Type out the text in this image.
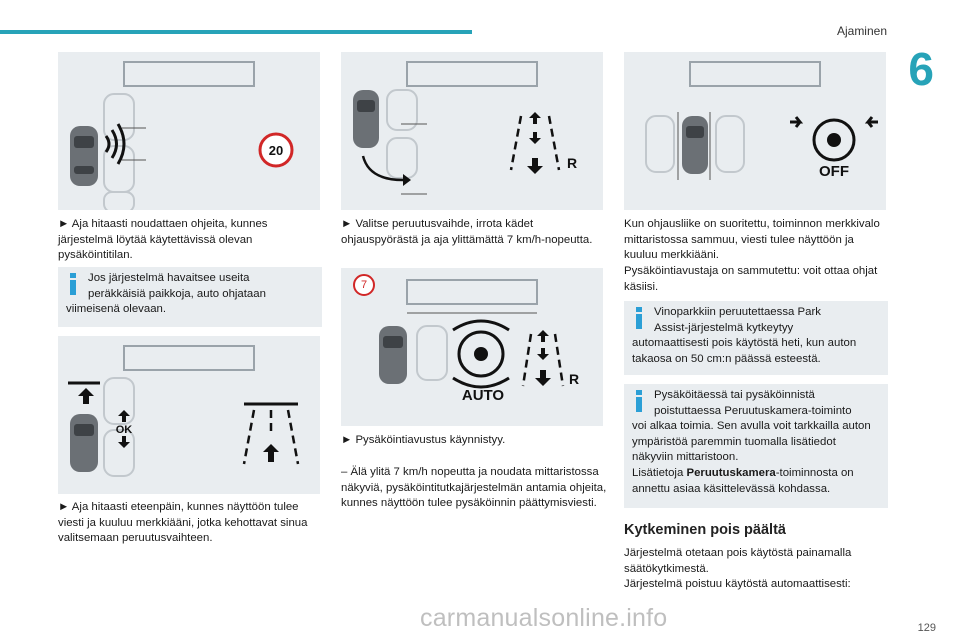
Ajaminen
6
20
► Aja hitaasti noudattaen ohjeita, kunnes järjestelmä löytää käytettävissä olevan pysäköintitilan.
Jos järjestelmä havaitsee useita
peräkkäisiä paikkoja, auto ohjataan
viimeisenä olevaan.
OK
► Aja hitaasti eteenpäin, kunnes näyttöön tulee viesti ja kuuluu merkkiääni, jotka kehottavat sinua valitsemaan peruutusvaihteen.
R
► Valitse peruutusvaihde, irrota kädet ohjauspyörästä ja aja ylittämättä 7 km/h-nopeutta.
AUTO
R
7
► Pysäköintiavustus käynnistyy.
– Älä ylitä 7 km/h nopeutta ja noudata mittaristossa näkyviä, pysäköintitutkajärjestelmän antamia ohjeita, kunnes näyttöön tulee pysäköinnin päättymisviesti.
OFF
Kun ohjausliike on suoritettu, toiminnon merkkivalo mittaristossa sammuu, viesti tulee näyttöön ja kuuluu merkkiääni.
Pysäköintiavustaja on sammutettu: voit ottaa ohjat käsiisi.
Vinoparkkiin peruutettaessa Park
Assist-järjestelmä kytkeytyy
automaattisesti pois käytöstä heti, kun auton takaosa on 50 cm:n päässä esteestä.
Pysäköitäessä tai pysäköinnistä
poistuttaessa Peruutuskamera-toiminto
voi alkaa toimia. Sen avulla voit tarkkailla auton ympäristöä paremmin tuomalla lisätiedot näkyviin mittaristoon.
Lisätietoja Peruutuskamera-toiminnosta on annettu asiaa käsittelevässä kohdassa.
Kytkeminen pois päältä
Järjestelmä otetaan pois käytöstä painamalla säätökytkimestä.
Järjestelmä poistuu käytöstä automaattisesti:
carmanualsonline.info	129
